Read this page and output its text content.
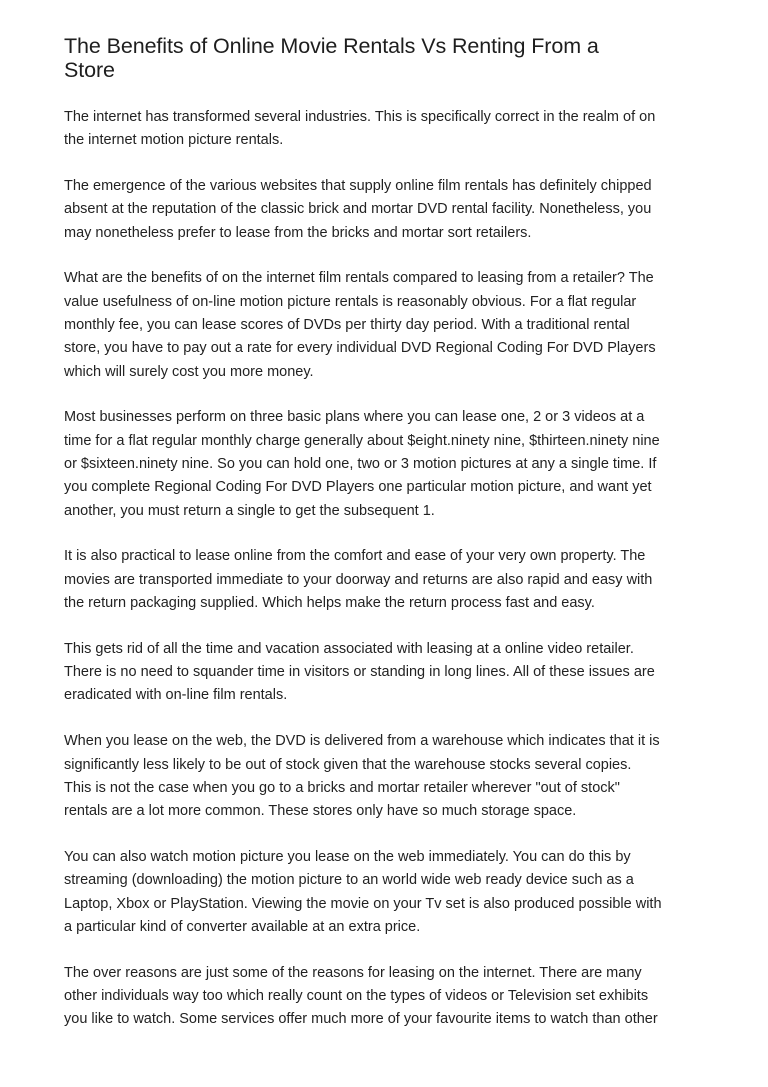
The Benefits of Online Movie Rentals Vs Renting From a
Store

The internet has transformed several industries. This is specifically correct in the realm of on
the internet motion picture rentals.

The emergence of the various websites that supply online film rentals has definitely chipped
absent at the reputation of the classic brick and mortar DVD rental facility. Nonetheless, you
may nonetheless prefer to lease from the bricks and mortar sort retailers.

What are the benefits of on the internet film rentals compared to leasing from a retailer? The
value usefulness of on-line motion picture rentals is reasonably obvious. For a flat regular
monthly fee, you can lease scores of DVDs per thirty day period. With a traditional rental
store, you have to pay out a rate for every individual DVD Regional Coding For DVD Players
which will surely cost you more money.

Most businesses perform on three basic plans where you can lease one, 2 or 3 videos at a
time for a flat regular monthly charge generally about $eight.ninety nine, $thirteen.ninety nine
or $sixteen.ninety nine. So you can hold one, two or 3 motion pictures at any a single time. If
you complete Regional Coding For DVD Players one particular motion picture, and want yet
another, you must return a single to get the subsequent 1.

It is also practical to lease online from the comfort and ease of your very own property. The
movies are transported immediate to your doorway and returns are also rapid and easy with
the return packaging supplied. Which helps make the return process fast and easy.

This gets rid of all the time and vacation associated with leasing at a online video retailer.
There is no need to squander time in visitors or standing in long lines. All of these issues are
eradicated with on-line film rentals.

When you lease on the web, the DVD is delivered from a warehouse which indicates that it is
significantly less likely to be out of stock given that the warehouse stocks several copies.
This is not the case when you go to a bricks and mortar retailer wherever "out of stock"
rentals are a lot more common. These stores only have so much storage space.

You can also watch motion picture you lease on the web immediately. You can do this by
streaming (downloading) the motion picture to an world wide web ready device such as a
Laptop, Xbox or PlayStation. Viewing the movie on your Tv set is also produced possible with
a particular kind of converter available at an extra price.

The over reasons are just some of the reasons for leasing on the internet. There are many
other individuals way too which really count on the types of videos or Television set exhibits
you like to watch. Some services offer much more of your favourite items to watch than other
